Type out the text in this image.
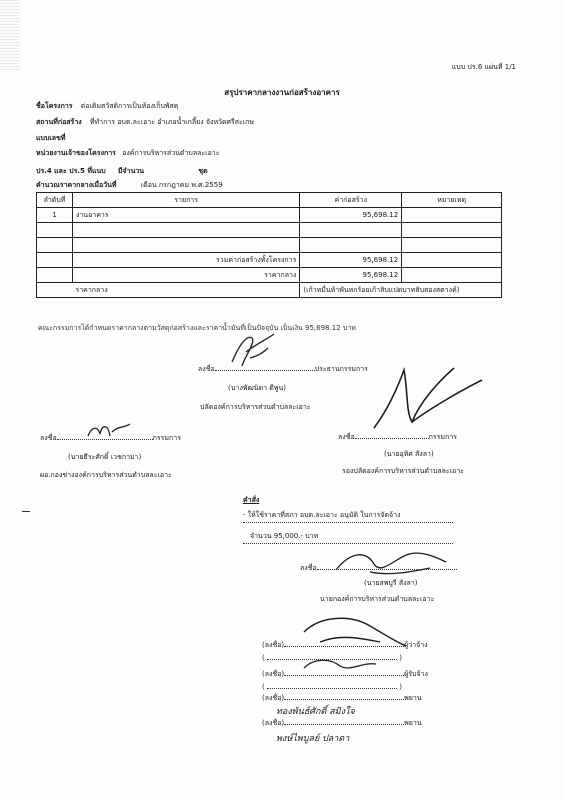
แบบ ปร.6 แผ่นที่ 1/1
สรุปราคากลางงานก่อสร้างอาคาร
ชื่อโครงการ ต่อเติมสวัสดิการเป็นห้องเก็บพัสดุ
สถานที่ก่อสร้าง ที่ทำการ อบต.ละเอาะ อำเภอน้ำเกลี้ยง จังหวัดศรีสะเกษ
แบบเลขที่
หน่วยงานเจ้าของโครงการ องค์การบริหารส่วนตำบลละเอาะ
ปร.4 และ ปร.5 ที่แนบ มีจำนวน	ชุด
คำนวณราคากลางเมื่อวันที่	เดือน กรกฎาคม พ.ศ.2559
ลำดับที่	รายการ	ค่าก่อสร้าง	หมายเหตุ
1	งานอาคาร	95,698.12	

	รวมค่าก่อสร้างทั้งโครงการ	95,698.12	
	ราคากลาง	95,698.12	
	ราคากลาง	(เก้าหมื่นห้าพันหกร้อยเก้าสิบแปดบาทสิบสองสตางค์)	
คณะกรรมการได้กำหนดราคากลางตามวัสดุก่อสร้างและราคาน้ำมันที่เป็นปัจจุบัน เป็นเงิน 95,698.12 บาท
ลงชื่อ	ประธานกรรมการ
(นางพัฒนิดา ดีพูน)
ปลัดองค์การบริหารส่วนตำบลละเอาะ
ลงชื่อ	กรรมการ
(นายอุทิศ สังลา)
รองปลัดองค์การบริหารส่วนตำบลละเอาะ
ลงชื่อ	กรรมการ
(นายธีระศักดิ์ เวชกามา)
ผอ.กองช่างองค์การบริหารส่วนตำบลละเอาะ
คำสั่ง
- ให้ใช้ราคาที่สภา อบต.ละเอาะ อนุมัติ ในการจัดจ้าง
จำนวน 95,000.- บาท
ลงชื่อ
(นายสพบูรี สังลา)
นายกองค์การบริหารส่วนตำบลละเอาะ
(ลงชื่อ)	ผู้ว่าจ้าง
(	)
(ลงชื่อ)	ผู้รับจ้าง
(	)
(ลงชื่อ)	พยาน
ทองพันธ์ศักดิ์ สมิงใจ
(ลงชื่อ)	พยาน
พงษ์ไพบูลย์ ปลาดา
